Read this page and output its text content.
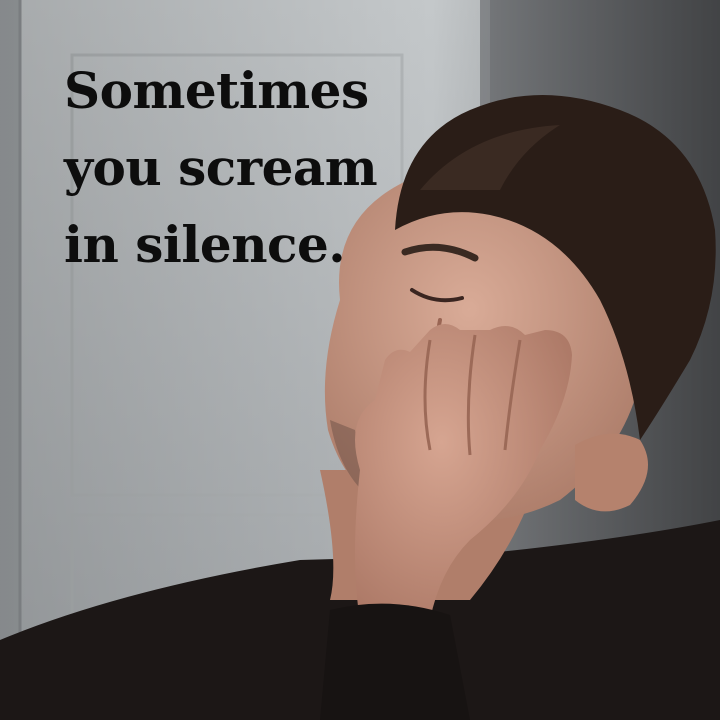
Sometimes
you scream
in silence.
